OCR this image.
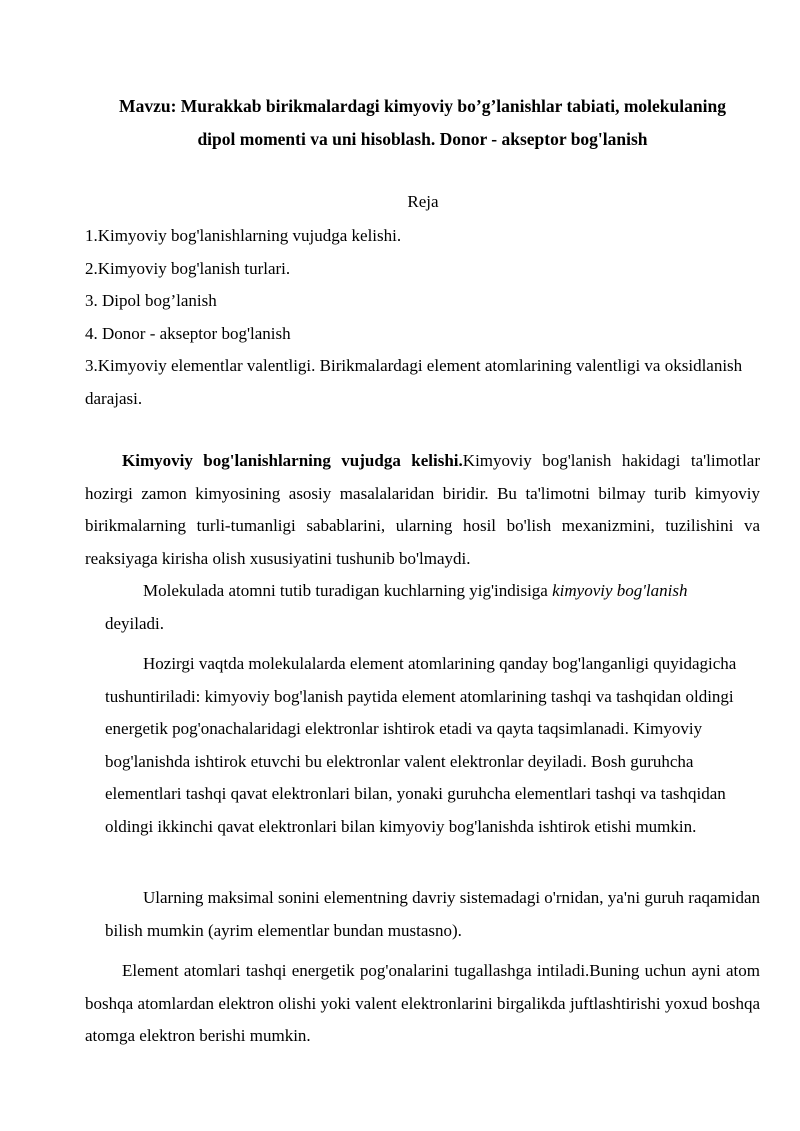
Mavzu: Murakkab birikmalardagi kimyoviy bo’g’lanishlar tabiati, molekulaning
dipol momenti va uni hisoblash. Donor - akseptor bog'lanish
Reja
1.Kimyoviy bog'lanishlarning vujudga kelishi.
2.Kimyoviy bog'lanish turlari.
3. Dipol bog’lanish
4. Donor - akseptor bog'lanish
3.Kimyoviy elementlar valentligi. Birikmalardagi element atomlarining valentligi va oksidlanish darajasi.

Kimyoviy bog'lanishlarning vujudga kelishi.Kimyoviy bog'lanish hakidagi ta'limotlar hozirgi zamon kimyosining asosiy masalalaridan biridir. Bu ta'limotni bilmay turib kimyoviy birikmalarning turli-tumanligi sabablarini, ularning hosil bo'lish mexanizmini, tuzilishini va reaksiyaga kirisha olish xususiyatini tushunib bo'lmaydi.

Molekulada atomni tutib turadigan kuchlarning yig'indisiga kimyoviy bog'lanish
deyiladi.

Hozirgi vaqtda molekulalarda element atomlarining qanday bog'langanligi quyidagicha tushuntiriladi: kimyoviy bog'lanish paytida element atomlarining tashqi va tashqidan oldingi energetik pog'onachalaridagi elektronlar ishtirok etadi va qayta taqsimlanadi. Kimyoviy bog'lanishda ishtirok etuvchi bu elektronlar valent elektronlar deyiladi. Bosh guruhcha elementlari tashqi qavat elektronlari bilan, yonaki guruhcha elementlari tashqi va tashqidan oldingi ikkinchi qavat elektronlari bilan kimyoviy bog'lanishda ishtirok etishi mumkin.

Ularning maksimal sonini elementning davriy sistemadagi o'rnidan, ya'ni guruh raqamidan bilish mumkin (ayrim elementlar bundan mustasno).

Element atomlari tashqi energetik pog'onalarini tugallashga intiladi.Buning uchun ayni atom boshqa atomlardan elektron olishi yoki valent elektronlarini birgalikda juftlashtirishi yoxud boshqa atomga elektron berishi mumkin.
